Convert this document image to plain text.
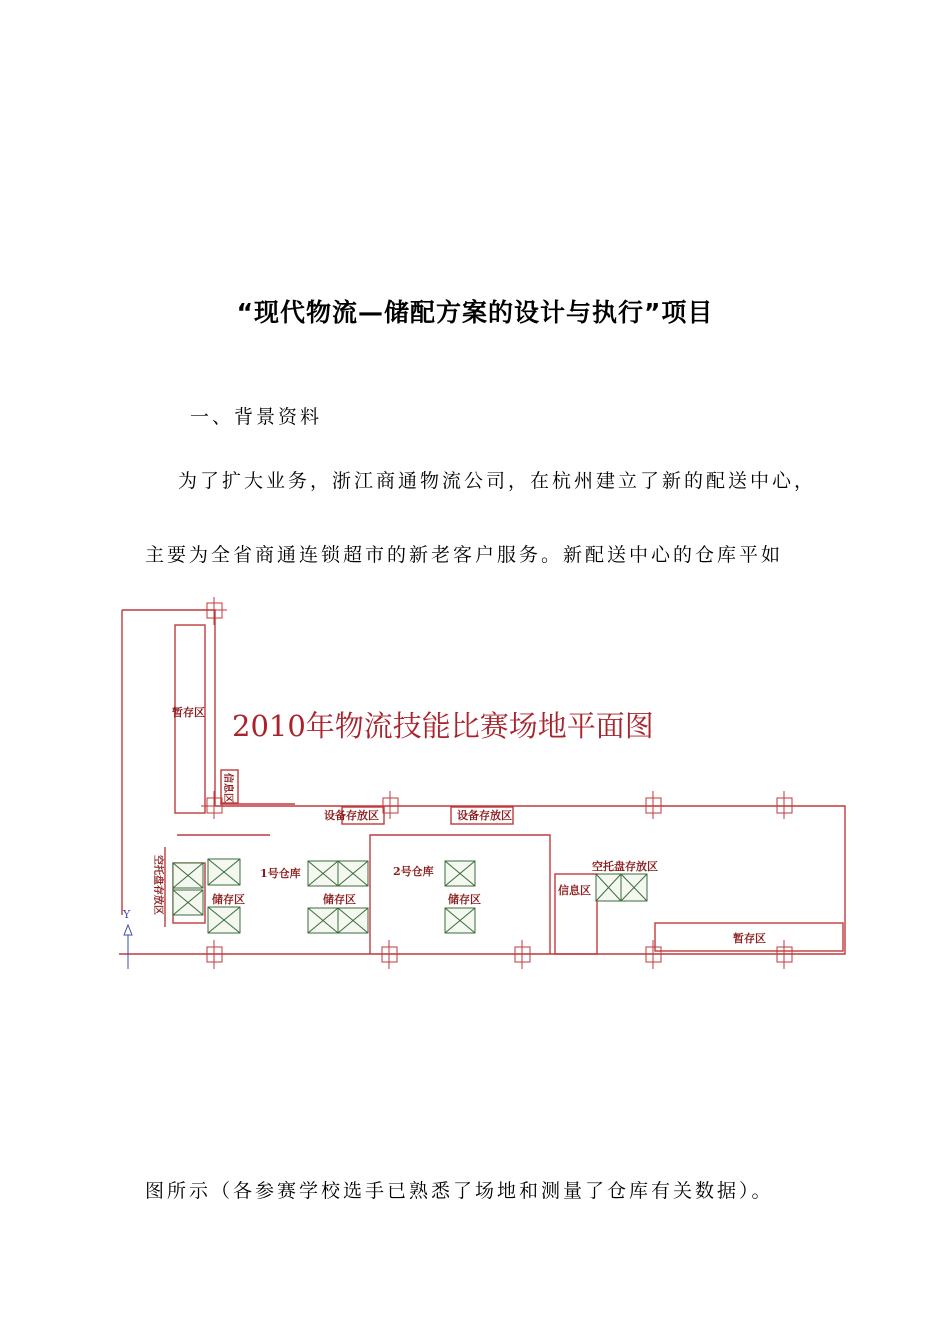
“现代物流—储配方案的设计与执行”项目
一、背景资料
为了扩大业务，浙江商通物流公司，在杭州建立了新的配送中心，
主要为全省商通连锁超市的新老客户服务。新配送中心的仓库平如
Y
2010年物流技能比赛场地平面图
暂存区
信息区
设备存放区	设备存放区
空托盘存放区	1号仓库	2号仓库
储存区	储存区	储存区
信息区
空托盘存放区
暂存区
图所示（各参赛学校选手已熟悉了场地和测量了仓库有关数据）。
